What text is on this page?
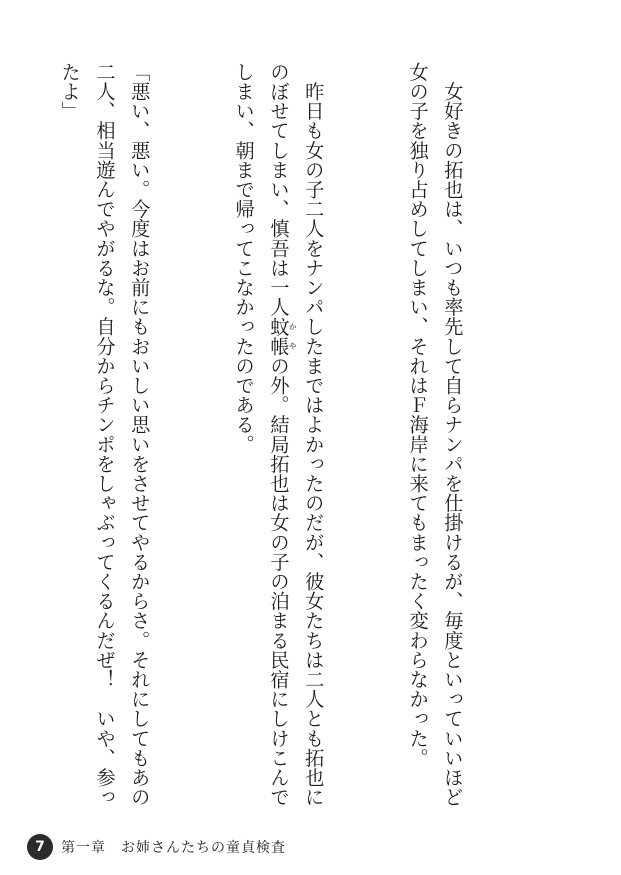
　女好きの拓也は、いつも率先して自らナンパを仕掛けるが、毎度といっていいほど
女の子を独り占めしてしまい、それはＦ海岸に来てもまったく変わらなかった。

　昨日も女の子二人をナンパしたまではよかったのだが、彼女たちは二人とも拓也に
のぼせてしまい、慎吾は一人蚊帳かやの外。結局拓也は女の子の泊まる民宿にしけこんで
しまい、朝まで帰ってこなかったのである。

「悪い、悪い。今度はお前にもおいしい思いをさせてやるからさ。それにしてもあの
二人、相当遊んでやがるな。自分からチンポをしゃぶってくるんだぜ！　いや、参っ
たよ」

7 第一章　お姉さんたちの童貞検査
